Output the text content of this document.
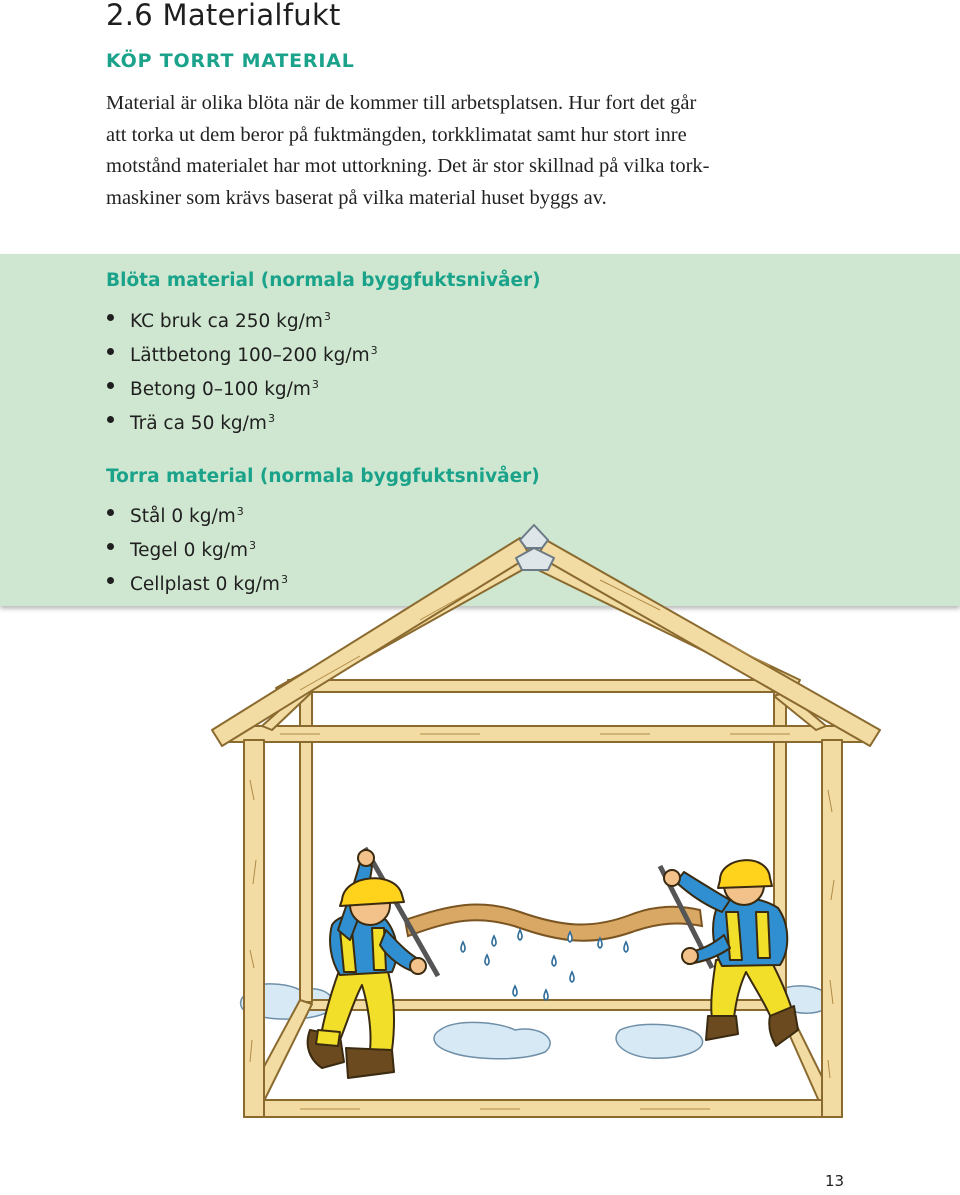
2.6 Materialfukt
KÖP TORRT MATERIAL
Material är olika blöta när de kommer till arbetsplatsen. Hur fort det går
att torka ut dem beror på fuktmängden, torkklimatat samt hur stort inre
motstånd materialet har mot uttorkning. Det är stor skillnad på vilka tork-
maskiner som krävs baserat på vilka material huset byggs av.
Blöta material (normala byggfuktsnivåer)
KC bruk ca 250 $kg/m^3$
Lättbetong 100–200 $kg/m^3$
Betong 0–100 $kg/m^3$
Trä ca 50 $kg/m^3$
Torra material (normala byggfuktsnivåer)
Stål 0 $kg/m^3$
Tegel 0 $kg/m^3$
Cellplast 0 $kg/m^3$
13
